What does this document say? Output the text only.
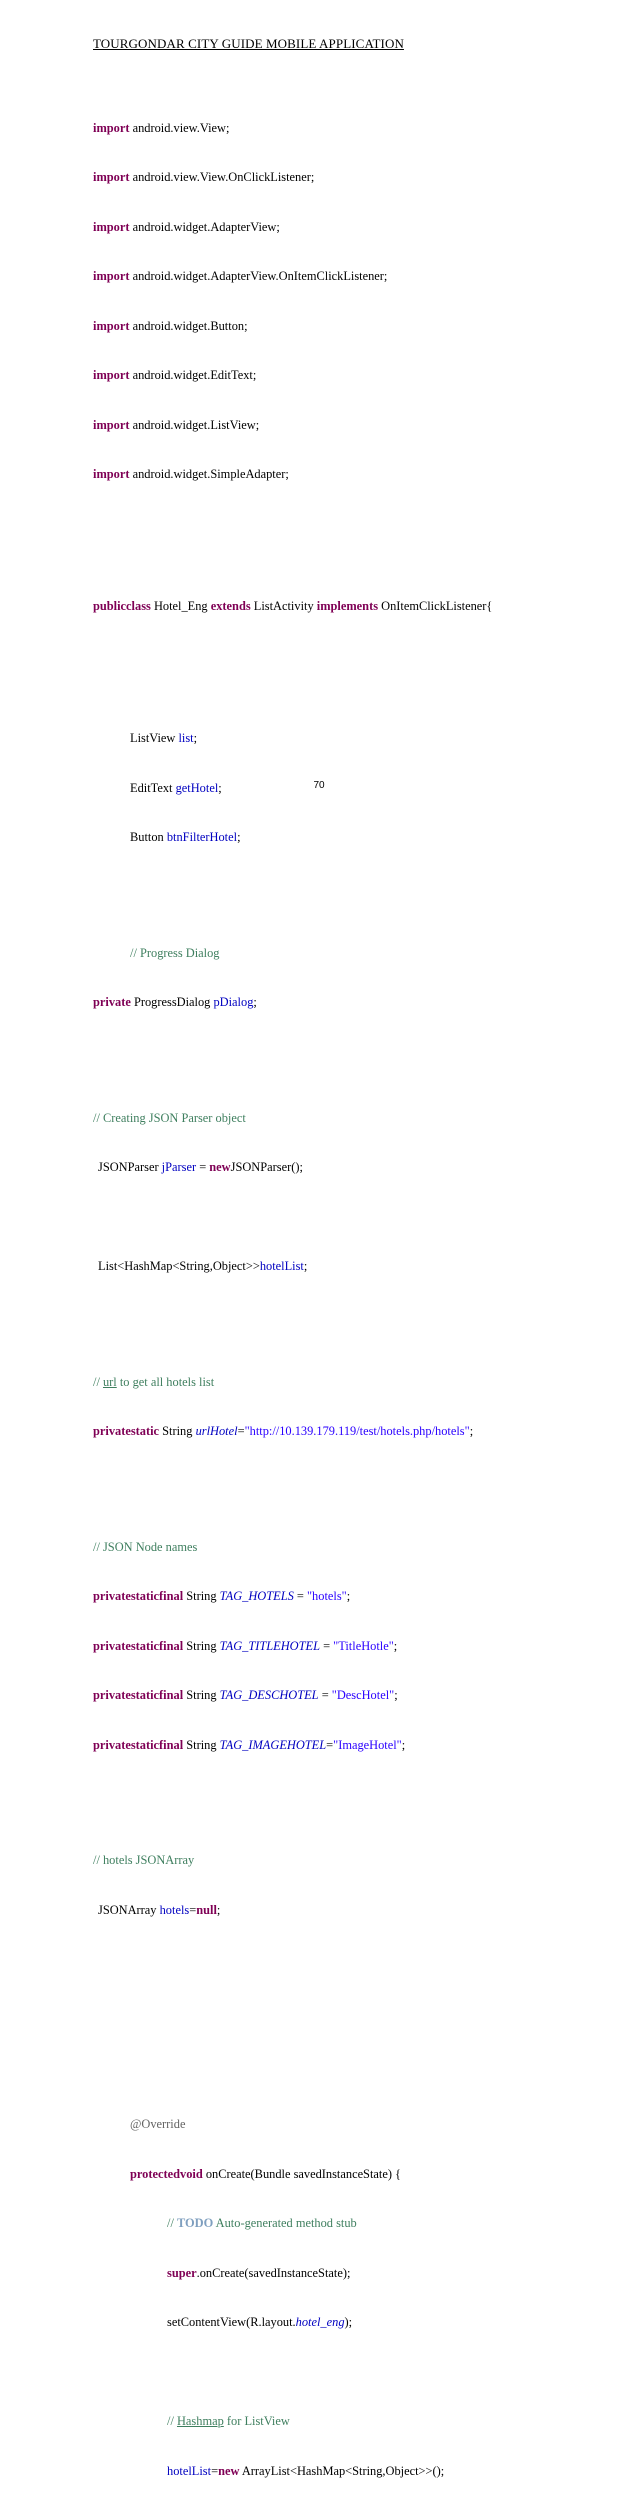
TOURGONDAR CITY GUIDE MOBILE APPLICATION

import android.view.View;

import android.view.View.OnClickListener;

import android.widget.AdapterView;

import android.widget.AdapterView.OnItemClickListener;

import android.widget.Button;

import android.widget.EditText;

import android.widget.ListView;

import android.widget.SimpleAdapter;

publicclass Hotel_Eng extends ListActivity implements OnItemClickListener{

ListView list;

EditText getHotel;

Button btnFilterHotel;

// Progress Dialog

private ProgressDialog pDialog;

// Creating JSON Parser object

JSONParser jParser = newJSONParser();

List<HashMap<String,Object>>hotelList;

// url to get all hotels list

privatestatic String urlHotel="http://10.139.179.119/test/hotels.php/hotels";

// JSON Node names

privatestaticfinal String TAG_HOTELS = "hotels";

privatestaticfinal String TAG_TITLEHOTEL = "TitleHotle";

privatestaticfinal String TAG_DESCHOTEL = "DescHotel";

privatestaticfinal String TAG_IMAGEHOTEL="ImageHotel";

// hotels JSONArray

JSONArray hotels=null;

@Override

protectedvoid onCreate(Bundle savedInstanceState) {

// TODO Auto-generated method stub

super.onCreate(savedInstanceState);

setContentView(R.layout.hotel_eng);

// Hashmap for ListView

hotelList=new ArrayList<HashMap<String,Object>>();

70
